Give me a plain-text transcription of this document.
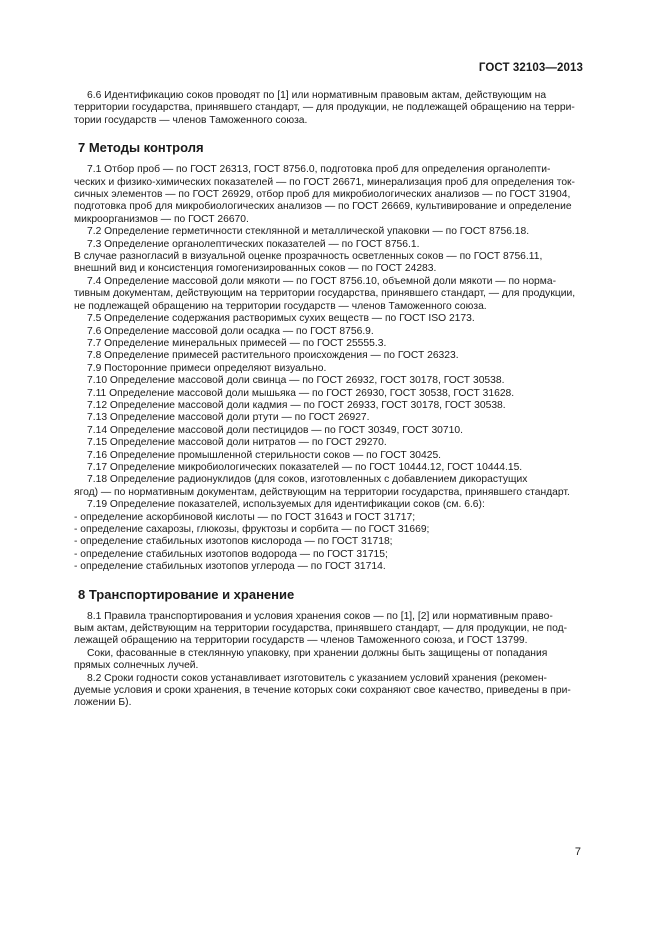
ГОСТ 32103—2013

6.6 Идентификацию соков проводят по [1] или нормативным правовым актам, действующим на

территории государства, принявшего стандарт, — для продукции, не подлежащей обращению на терри-

тории государств — членов Таможенного союза.

7 Методы контроля

7.1 Отбор проб — по ГОСТ 26313, ГОСТ 8756.0, подготовка проб для определения органолепти-

ческих и физико-химических показателей — по ГОСТ 26671, минерализация проб для определения ток-

сичных элементов — по ГОСТ 26929, отбор проб для микробиологических анализов — по ГОСТ 31904,

подготовка проб для микробиологических анализов — по ГОСТ 26669, культивирование и определение

микроорганизмов — по ГОСТ 26670.

7.2 Определение герметичности стеклянной и металлической упаковки — по ГОСТ 8756.18.

7.3 Определение органолептических показателей — по ГОСТ 8756.1.

В случае разногласий в визуальной оценке прозрачность осветленных соков — по ГОСТ 8756.11,

внешний вид и консистенция гомогенизированных соков — по ГОСТ 24283.

7.4 Определение массовой доли мякоти — по ГОСТ 8756.10, объемной доли мякоти — по норма-

тивным документам, действующим на территории государства, принявшего стандарт, — для продукции,

не подлежащей обращению на территории государств — членов Таможенного союза.

7.5 Определение содержания растворимых сухих веществ — по ГОСТ ISO 2173.

7.6 Определение массовой доли осадка — по ГОСТ 8756.9.

7.7 Определение минеральных примесей — по ГОСТ 25555.3.

7.8 Определение примесей растительного происхождения — по ГОСТ 26323.

7.9 Посторонние примеси определяют визуально.

7.10 Определение массовой доли свинца — по ГОСТ 26932, ГОСТ 30178, ГОСТ 30538.

7.11 Определение массовой доли мышьяка — по ГОСТ 26930, ГОСТ 30538, ГОСТ 31628.

7.12 Определение массовой доли кадмия — по ГОСТ 26933, ГОСТ 30178, ГОСТ 30538.

7.13 Определение массовой доли ртути — по ГОСТ 26927.

7.14 Определение массовой доли пестицидов — по ГОСТ 30349, ГОСТ 30710.

7.15 Определение массовой доли нитратов — по ГОСТ 29270.

7.16 Определение промышленной стерильности соков — по ГОСТ 30425.

7.17 Определение микробиологических показателей — по ГОСТ 10444.12, ГОСТ 10444.15.

7.18 Определение радионуклидов (для соков, изготовленных с добавлением дикорастущих

ягод) — по нормативным документам, действующим на территории государства, принявшего стандарт.

7.19 Определение показателей, используемых для идентификации соков (см. 6.6):

- определение аскорбиновой кислоты — по ГОСТ 31643 и ГОСТ 31717;

- определение сахарозы, глюкозы, фруктозы и сорбита — по ГОСТ 31669;

- определение стабильных изотопов кислорода — по ГОСТ 31718;

- определение стабильных изотопов водорода — по ГОСТ 31715;

- определение стабильных изотопов углерода — по ГОСТ 31714.

8 Транспортирование и хранение

8.1 Правила транспортирования и условия хранения соков — по [1], [2] или нормативным право-

вым актам, действующим на территории государства, принявшего стандарт, — для продукции, не под-

лежащей обращению на территории государств — членов Таможенного союза, и ГОСТ 13799.

Соки, фасованные в стеклянную упаковку, при хранении должны быть защищены от попадания

прямых солнечных лучей.

8.2 Сроки годности соков устанавливает изготовитель с указанием условий хранения (рекомен-

дуемые условия и сроки хранения, в течение которых соки сохраняют свое качество, приведены в при-

ложении Б).

7
